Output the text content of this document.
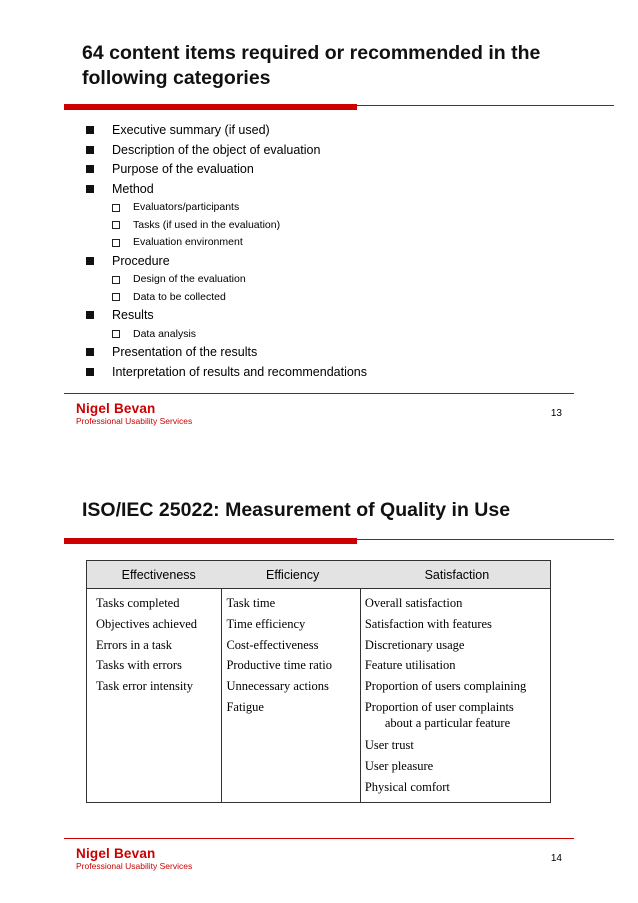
64 content items required or recommended in the following categories
Executive summary (if used)
Description of the object of evaluation
Purpose of the evaluation
Method
Evaluators/participants
Tasks (if used in the evaluation)
Evaluation environment
Procedure
Design of the evaluation
Data to be collected
Results
Data analysis
Presentation of the results
Interpretation of results and recommendations
Nigel Bevan
Professional Usability Services
13
ISO/IEC 25022: Measurement of Quality in Use
Effectiveness	Efficiency	Satisfaction
Tasks completed
Objectives achieved
Errors in a task
Tasks with errors
Task error intensity
Task time
Time efficiency
Cost-effectiveness
Productive time ratio
Unnecessary actions
Fatigue
Overall satisfaction
Satisfaction with features
Discretionary usage
Feature utilisation
Proportion of users complaining
Proportion of user complaints
about a particular feature
User trust
User pleasure
Physical comfort
Nigel Bevan
Professional Usability Services
14
